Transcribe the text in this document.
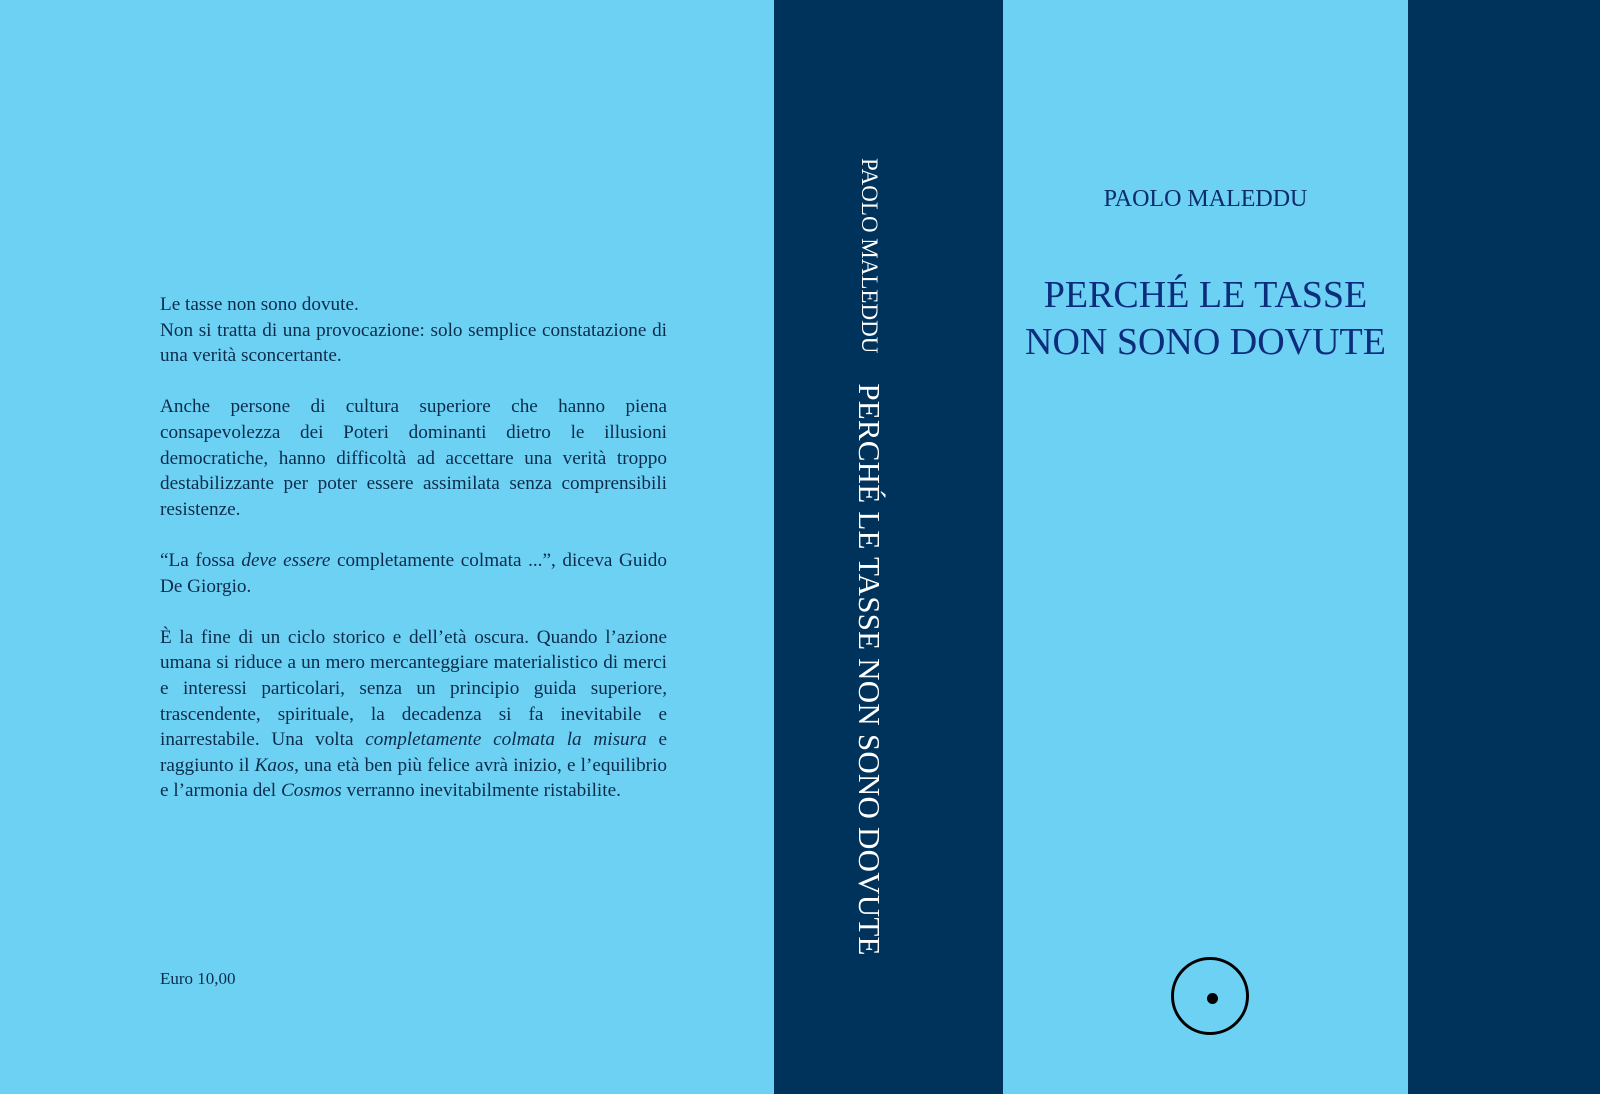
Le tasse non sono dovute.
Non si tratta di una provocazione: solo semplice constatazione di una verità sconcertante.

Anche persone di cultura superiore che hanno piena consapevolezza dei Poteri dominanti dietro le illusioni democratiche, hanno difficoltà ad accettare una verità troppo destabilizzante per poter essere assimilata senza comprensibili resistenze.

“La fossa deve essere completamente colmata ...”, diceva Guido De Giorgio.

È la fine di un ciclo storico e dell’età oscura. Quando l’azione umana si riduce a un mero mercanteggiare materialistico di merci e interessi particolari, senza un principio guida superiore, trascendente, spirituale, la decadenza si fa inevitabile e inarrestabile. Una volta completamente colmata la misura e raggiunto il Kaos, una età ben più felice avrà inizio, e l’equilibrio e l’armonia del Cosmos verranno inevitabilmente ristabilite.

Euro 10,00
PAOLO MALEDDU
PERCHÉ LE TASSE NON SONO DOVUTE
PAOLO MALEDDU
PERCHÉ LE TASSE
NON SONO DOVUTE
